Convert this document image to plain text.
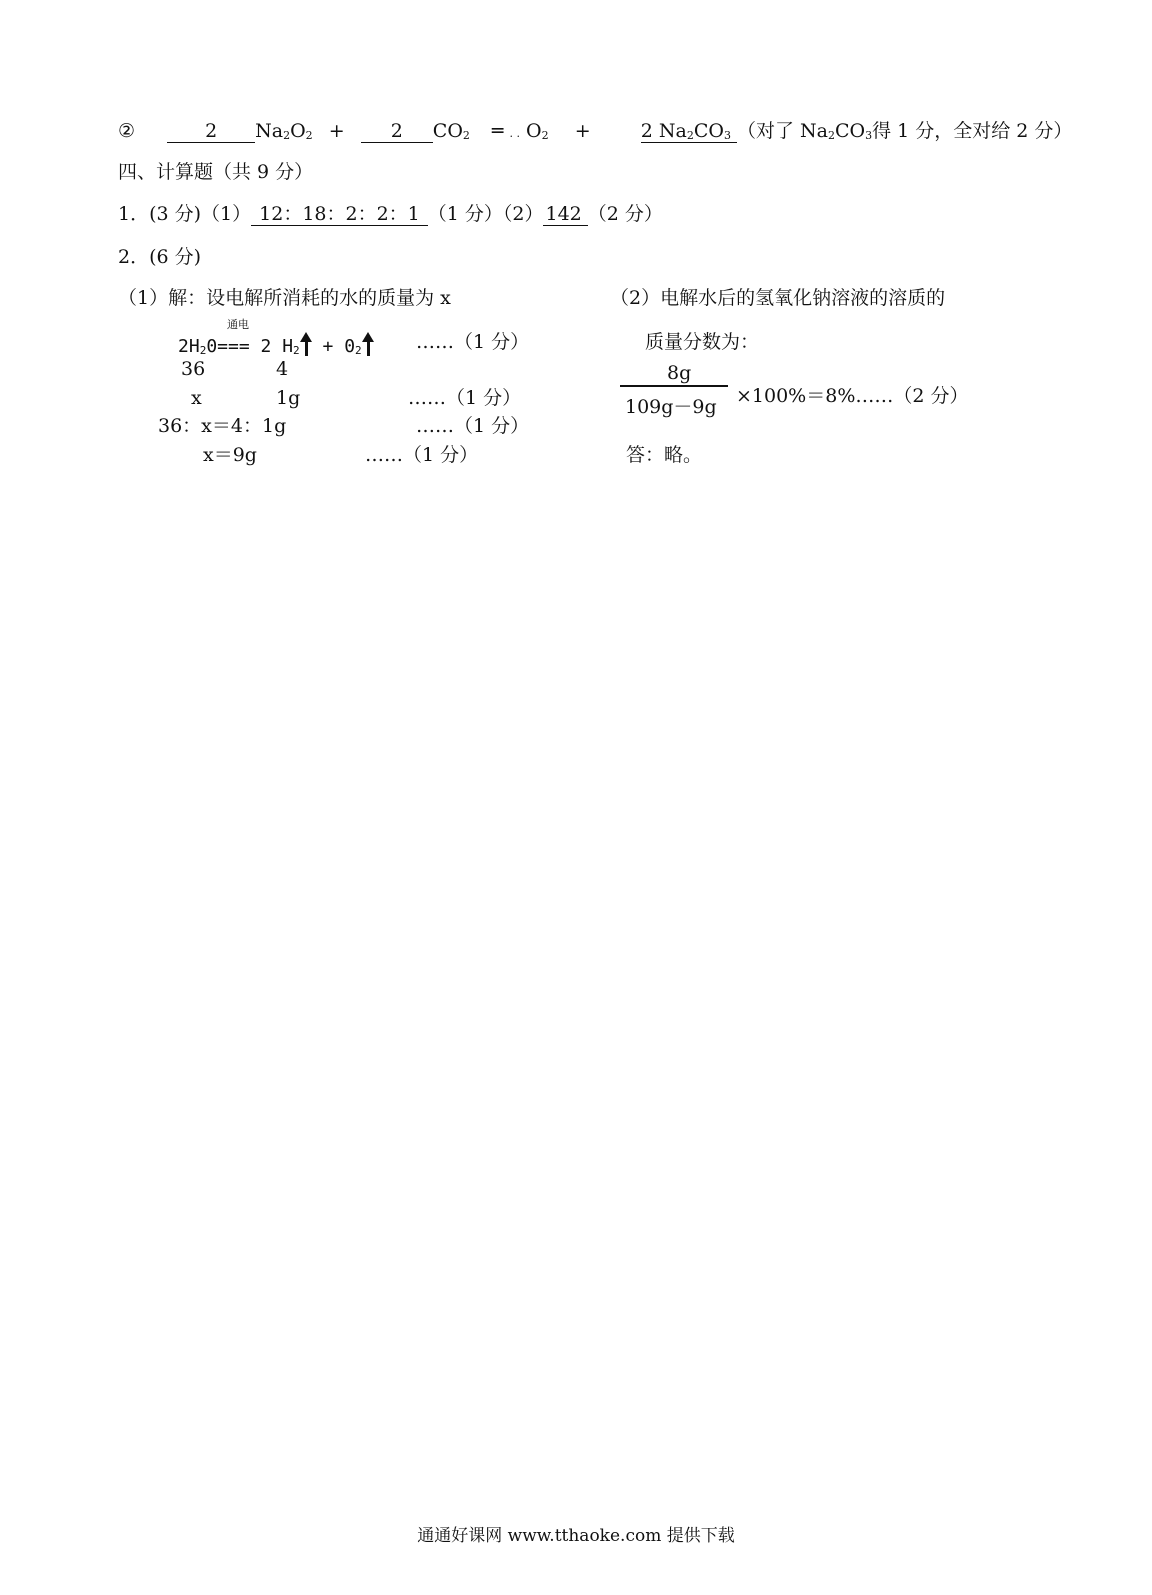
②	2 $Na_2O_2 + 2$ $CO_2$ ═ . . $O_2$ +	2 $Na_2CO_3$ （对了 $Na_2CO_3$得 1 分，全对给 2 分）
四、计算题（共 9 分）
1．(3 分)（1） 12：18：2：2：1 （1 分）（2） 142 （2 分）
2．(6 分)
（1）解：设电解所消耗的水的质量为 x
通电
$2H_20=== 2$ $H_2 + 0_2$	……（1 分）
36	4
x	1g	……（1 分）
36：x＝4：1g	……（1 分）
x＝9g	……（1 分）
（2）电解水后的氢氧化钠溶液的溶质的
质量分数为：
8g
109g－9g ×100%＝8%……（2 分）
答：略。
通通好课网 www.tthaoke.com 提供下载
